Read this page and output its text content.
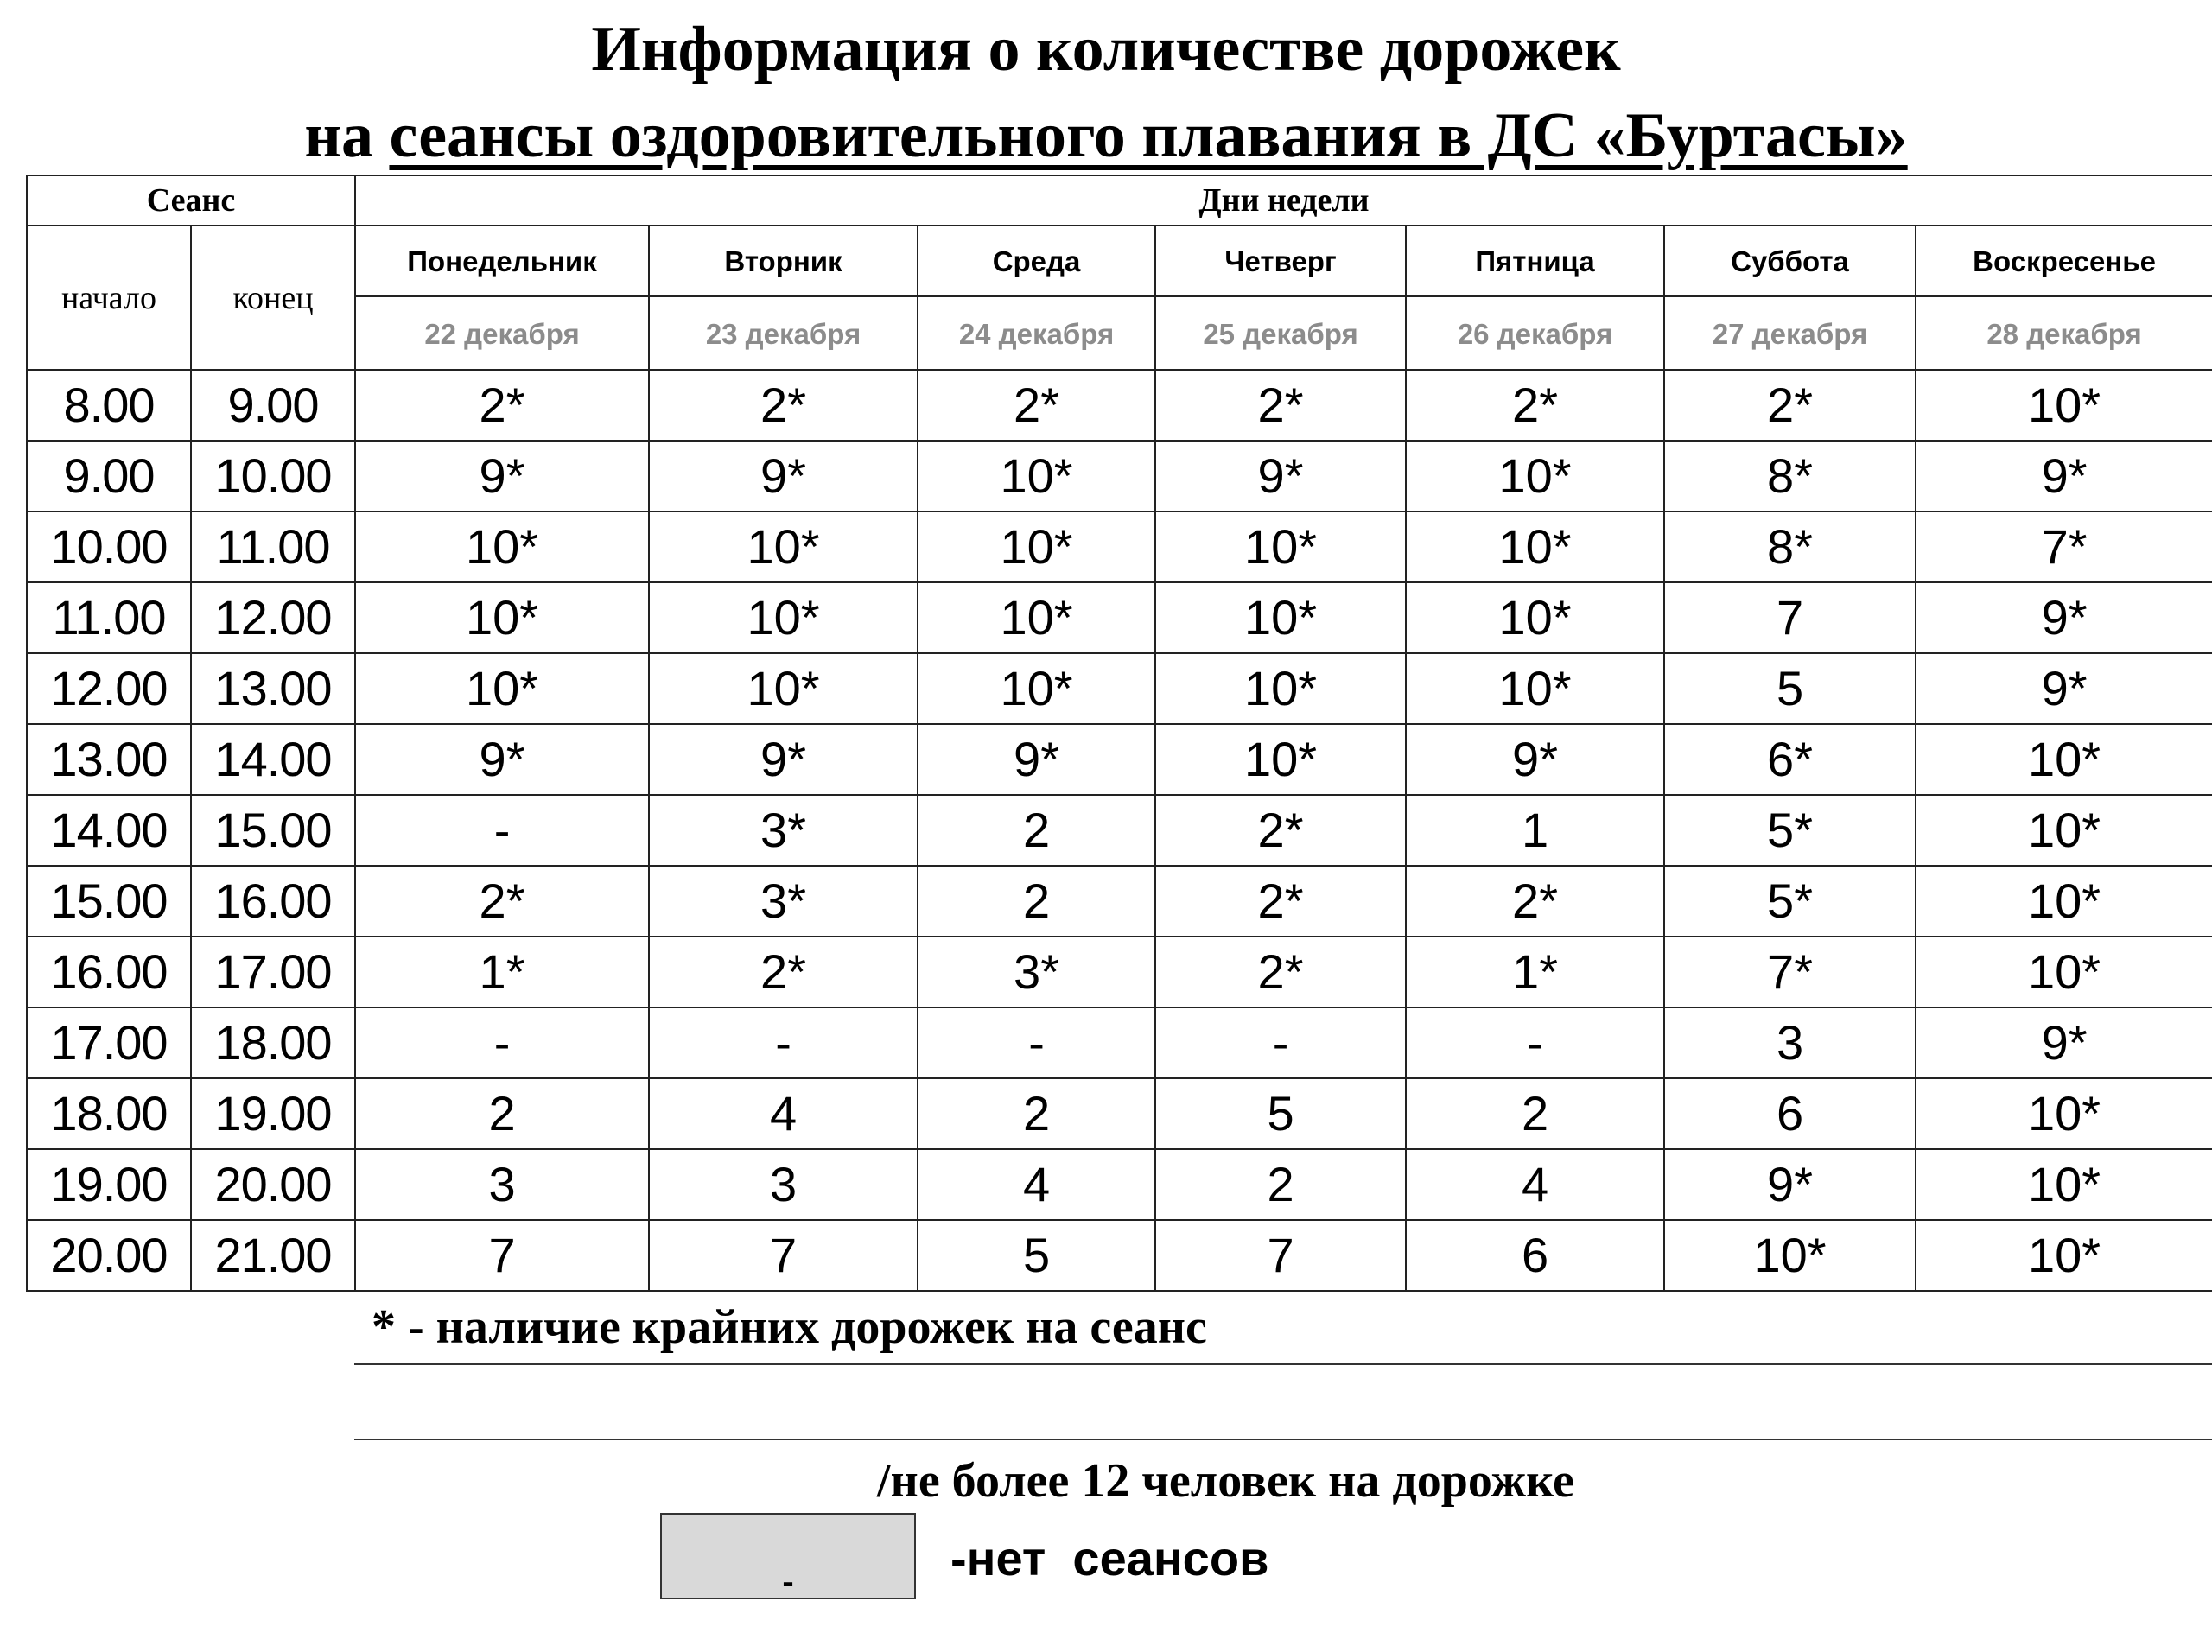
Информация о количестве дорожек
на сеансы оздоровительного плавания в ДС «Буртасы»
Сеанс		Дни недели						
начало	конец	Понедельник	Вторник	Среда	Четверг	Пятница	Суббота	Воскресенье
		22 декабря	23 декабря	24 декабря	25 декабря	26 декабря	27 декабря	28 декабря
8.00	9.00	2*	2*	2*	2*	2*	2*	10*
9.00	10.00	9*	9*	10*	9*	10*	8*	9*
10.00	11.00	10*	10*	10*	10*	10*	8*	7*
11.00	12.00	10*	10*	10*	10*	10*	7	9*
12.00	13.00	10*	10*	10*	10*	10*	5	9*
13.00	14.00	9*	9*	9*	10*	9*	6*	10*
14.00	15.00	-	3*	2	2*	1	5*	10*
15.00	16.00	2*	3*	2	2*	2*	5*	10*
16.00	17.00	1*	2*	3*	2*	1*	7*	10*
17.00	18.00	-	-	-	-	-	3	9*
18.00	19.00	2	4	2	5	2	6	10*
19.00	20.00	3	3	4	2	4	9*	10*
20.00	21.00	7	7	5	7	6	10*	10*
* - наличие крайних дорожек на сеанс
/не более 12 человек на дорожке
-	-нет  сеансов
